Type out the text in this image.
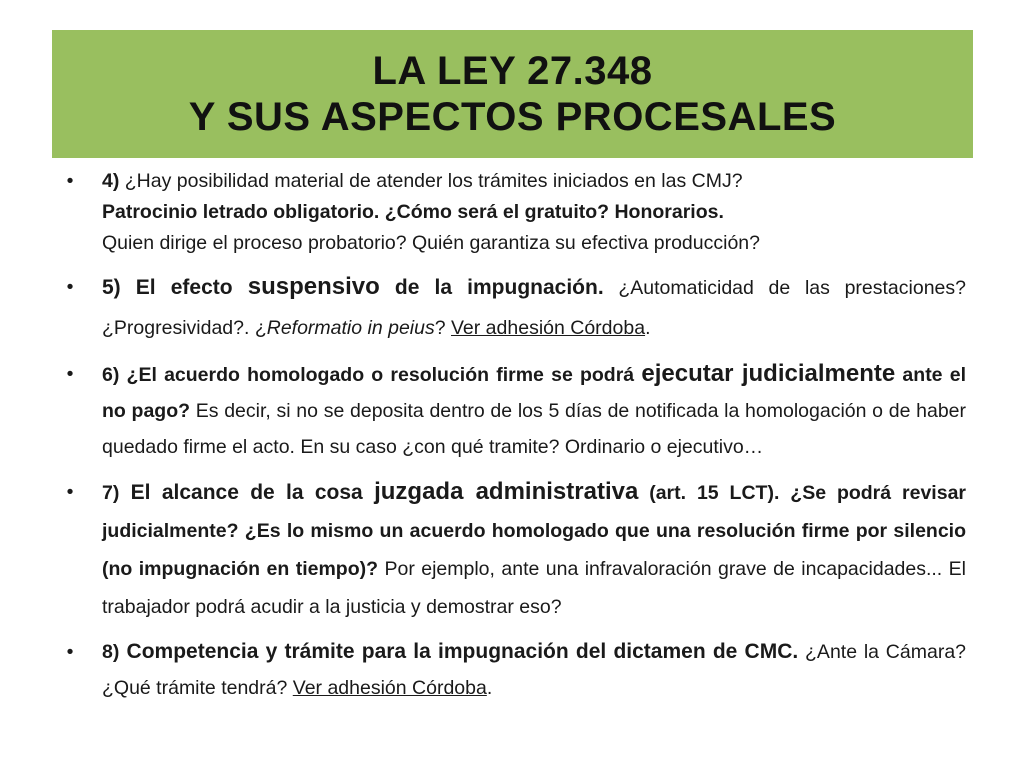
LA LEY 27.348
Y SUS ASPECTOS PROCESALES
•	4) ¿Hay posibilidad material de atender los trámites iniciados en las CMJ?
Patrocinio letrado obligatorio. ¿Cómo será el gratuito? Honorarios.
Quien dirige el proceso probatorio? Quién garantiza su efectiva producción?
•	5) El efecto suspensivo de la impugnación. ¿Automaticidad de las prestaciones? ¿Progresividad?. ¿Reformatio in peius? Ver adhesión Córdoba.
•	6) ¿El acuerdo homologado o resolución firme se podrá ejecutar judicialmente ante el no pago? Es decir, si no se deposita dentro de los 5 días de notificada la homologación o de haber quedado firme el acto. En su caso ¿con qué tramite? Ordinario o ejecutivo…
•	7) El alcance de la cosa juzgada administrativa (art. 15 LCT). ¿Se podrá revisar judicialmente? ¿Es lo mismo un acuerdo homologado que una resolución firme por silencio (no impugnación en tiempo)? Por ejemplo, ante una infravaloración grave de incapacidades... El trabajador podrá acudir a la justicia y demostrar eso?
•	8) Competencia y trámite para la impugnación del dictamen de CMC. ¿Ante la Cámara? ¿Qué trámite tendrá? Ver adhesión Córdoba.
